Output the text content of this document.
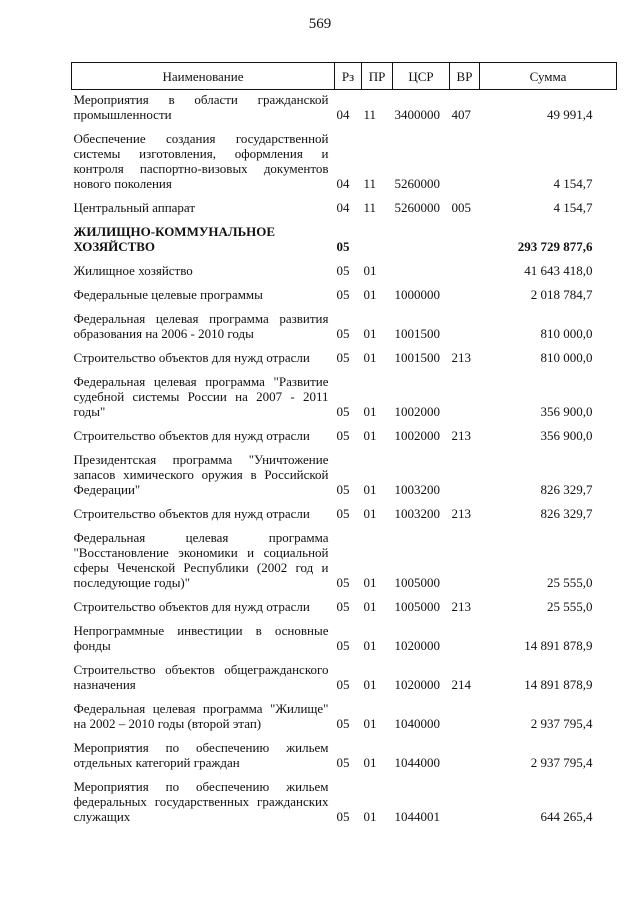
569
Наименование	Рз	ПР	ЦСР	ВР	Сумма
Мероприятия в области гражданской промышленности	04	11	3400000	407	49 991,4
Обеспечение создания государственной системы изготовления, оформления и контроля паспортно-визовых документов нового поколения	04	11	5260000		4 154,7
Центральный аппарат	04	11	5260000	005	4 154,7
ЖИЛИЩНО-КОММУНАЛЬНОЕ ХОЗЯЙСТВО	05				293 729 877,6
Жилищное хозяйство	05	01			41 643 418,0
Федеральные целевые программы	05	01	1000000		2 018 784,7
Федеральная целевая программа развития образования на 2006 - 2010 годы	05	01	1001500		810 000,0
Строительство объектов для нужд отрасли	05	01	1001500	213	810 000,0
Федеральная целевая программа "Развитие судебной системы России на 2007 - 2011 годы"	05	01	1002000		356 900,0
Строительство объектов для нужд отрасли	05	01	1002000	213	356 900,0
Президентская программа "Уничтожение запасов химического оружия в Российской Федерации"	05	01	1003200		826 329,7
Строительство объектов для нужд отрасли	05	01	1003200	213	826 329,7
Федеральная целевая программа "Восстановление экономики и социальной сферы Чеченской Республики (2002 год и последующие годы)"	05	01	1005000		25 555,0
Строительство объектов для нужд отрасли	05	01	1005000	213	25 555,0
Непрограммные инвестиции в основные фонды	05	01	1020000		14 891 878,9
Строительство объектов общегражданского назначения	05	01	1020000	214	14 891 878,9
Федеральная целевая программа "Жилище" на 2002 – 2010 годы (второй этап)	05	01	1040000		2 937 795,4
Мероприятия по обеспечению жильем отдельных категорий граждан	05	01	1044000		2 937 795,4
Мероприятия по обеспечению жильем федеральных государственных гражданских служащих	05	01	1044001		644 265,4
